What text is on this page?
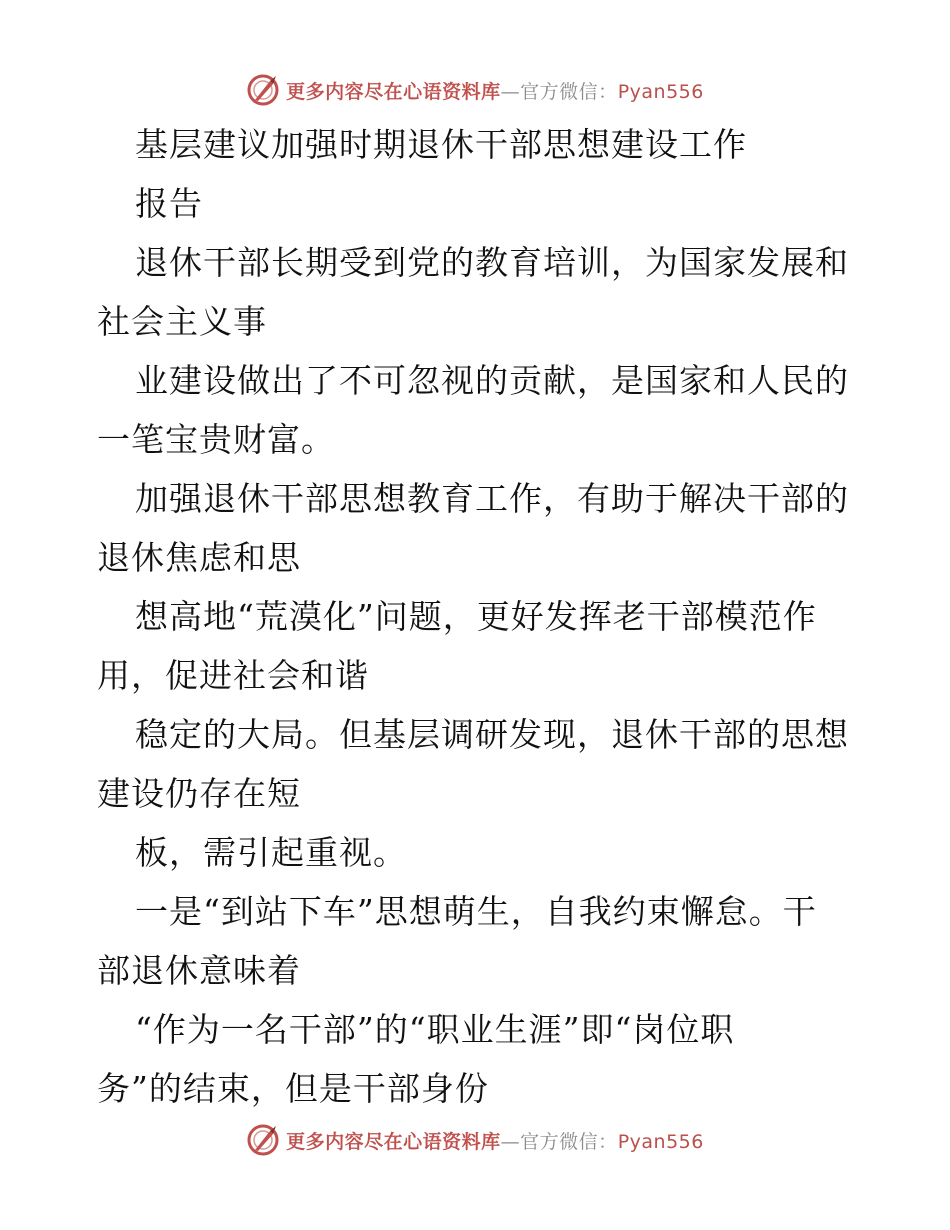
更多内容尽在心语资料库—官方微信：Pyan556
基层建议加强时期退休干部思想建设工作
报告
退休干部长期受到党的教育培训，为国家发展和
社会主义事
业建设做出了不可忽视的贡献，是国家和人民的
一笔宝贵财富。
加强退休干部思想教育工作，有助于解决干部的
退休焦虑和思
想高地“荒漠化”问题，更好发挥老干部模范作
用，促进社会和谐
稳定的大局。但基层调研发现，退休干部的思想
建设仍存在短
板，需引起重视。
一是“到站下车”思想萌生，自我约束懈怠。干
部退休意味着
“作为一名干部”的“职业生涯”即“岗位职
务”的结束，但是干部身份
更多内容尽在心语资料库—官方微信：Pyan556
